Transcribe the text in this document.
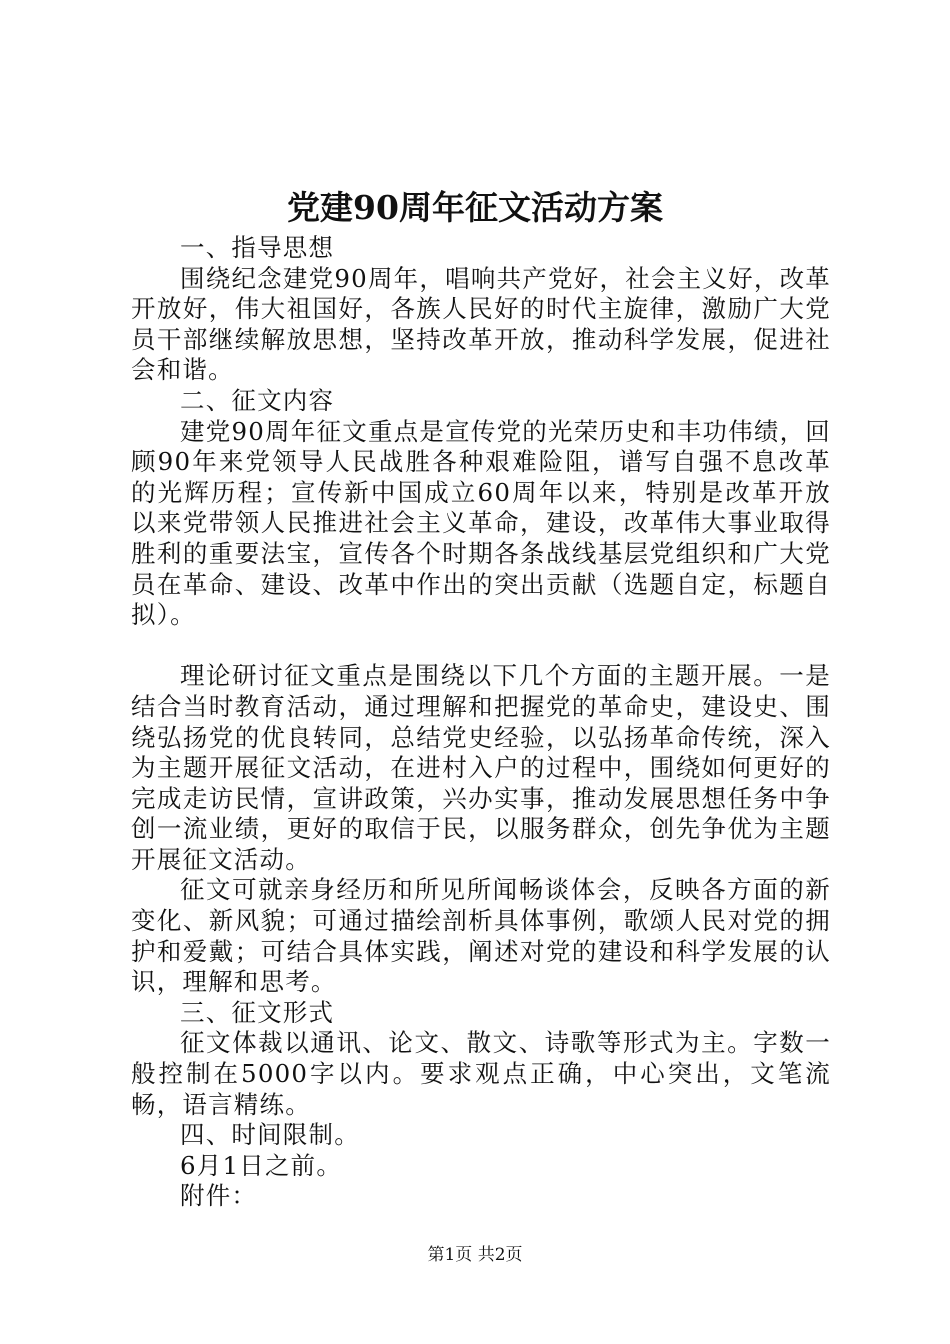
党建90周年征文活动方案

一、指导思想

围绕纪念建党90周年，唱响共产党好，社会主义好，改革开放好，伟大祖国好，各族人民好的时代主旋律，激励广大党员干部继续解放思想，坚持改革开放，推动科学发展，促进社会和谐。

二、征文内容

建党90周年征文重点是宣传党的光荣历史和丰功伟绩，回顾90年来党领导人民战胜各种艰难险阻，谱写自强不息改革的光辉历程；宣传新中国成立60周年以来，特别是改革开放以来党带领人民推进社会主义革命，建设，改革伟大事业取得胜利的重要法宝，宣传各个时期各条战线基层党组织和广大党员在革命、建设、改革中作出的突出贡献（选题自定，标题自拟）。

理论研讨征文重点是围绕以下几个方面的主题开展。一是结合当时教育活动，通过理解和把握党的革命史，建设史、围绕弘扬党的优良转同，总结党史经验，以弘扬革命传统，深入为主题开展征文活动，在进村入户的过程中，围绕如何更好的完成走访民情，宣讲政策，兴办实事，推动发展思想任务中争创一流业绩，更好的取信于民，以服务群众，创先争优为主题开展征文活动。

征文可就亲身经历和所见所闻畅谈体会，反映各方面的新变化、新风貌；可通过描绘剖析具体事例，歌颂人民对党的拥护和爱戴；可结合具体实践，阐述对党的建设和科学发展的认识，理解和思考。

三、征文形式

征文体裁以通讯、论文、散文、诗歌等形式为主。字数一般控制在5000字以内。要求观点正确，中心突出，文笔流畅，语言精练。

四、时间限制。

6月1日之前。

附件：

第1页 共2页
